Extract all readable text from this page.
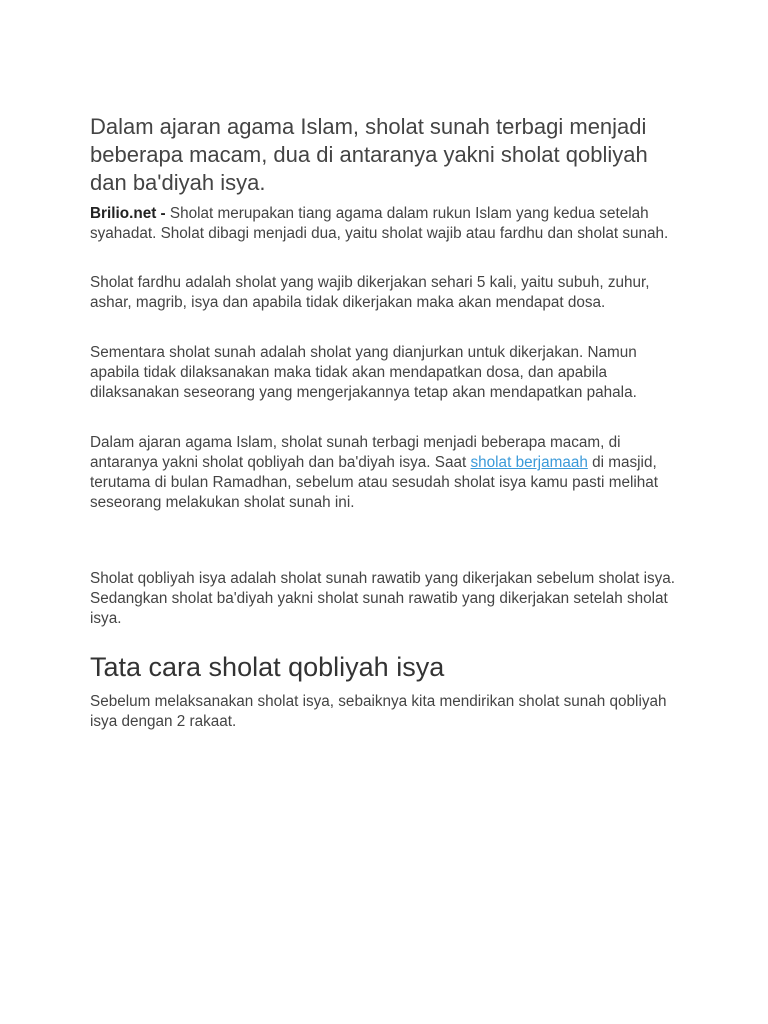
Dalam ajaran agama Islam, sholat sunah terbagi menjadi beberapa macam, dua di antaranya yakni sholat qobliyah dan ba'diyah isya.

Brilio.net - Sholat merupakan tiang agama dalam rukun Islam yang kedua setelah syahadat. Sholat dibagi menjadi dua, yaitu sholat wajib atau fardhu dan sholat sunah.

Sholat fardhu adalah sholat yang wajib dikerjakan sehari 5 kali, yaitu subuh, zuhur, ashar, magrib, isya dan apabila tidak dikerjakan maka akan mendapat dosa.

Sementara sholat sunah adalah sholat yang dianjurkan untuk dikerjakan. Namun apabila tidak dilaksanakan maka tidak akan mendapatkan dosa, dan apabila dilaksanakan seseorang yang mengerjakannya tetap akan mendapatkan pahala.

Dalam ajaran agama Islam, sholat sunah terbagi menjadi beberapa macam, di antaranya yakni sholat qobliyah dan ba'diyah isya. Saat sholat berjamaah di masjid, terutama di bulan Ramadhan, sebelum atau sesudah sholat isya kamu pasti melihat seseorang melakukan sholat sunah ini.

Sholat qobliyah isya adalah sholat sunah rawatib yang dikerjakan sebelum sholat isya. Sedangkan sholat ba'diyah yakni sholat sunah rawatib yang dikerjakan setelah sholat isya.

Tata cara sholat qobliyah isya

Sebelum melaksanakan sholat isya, sebaiknya kita mendirikan sholat sunah qobliyah isya dengan 2 rakaat.
